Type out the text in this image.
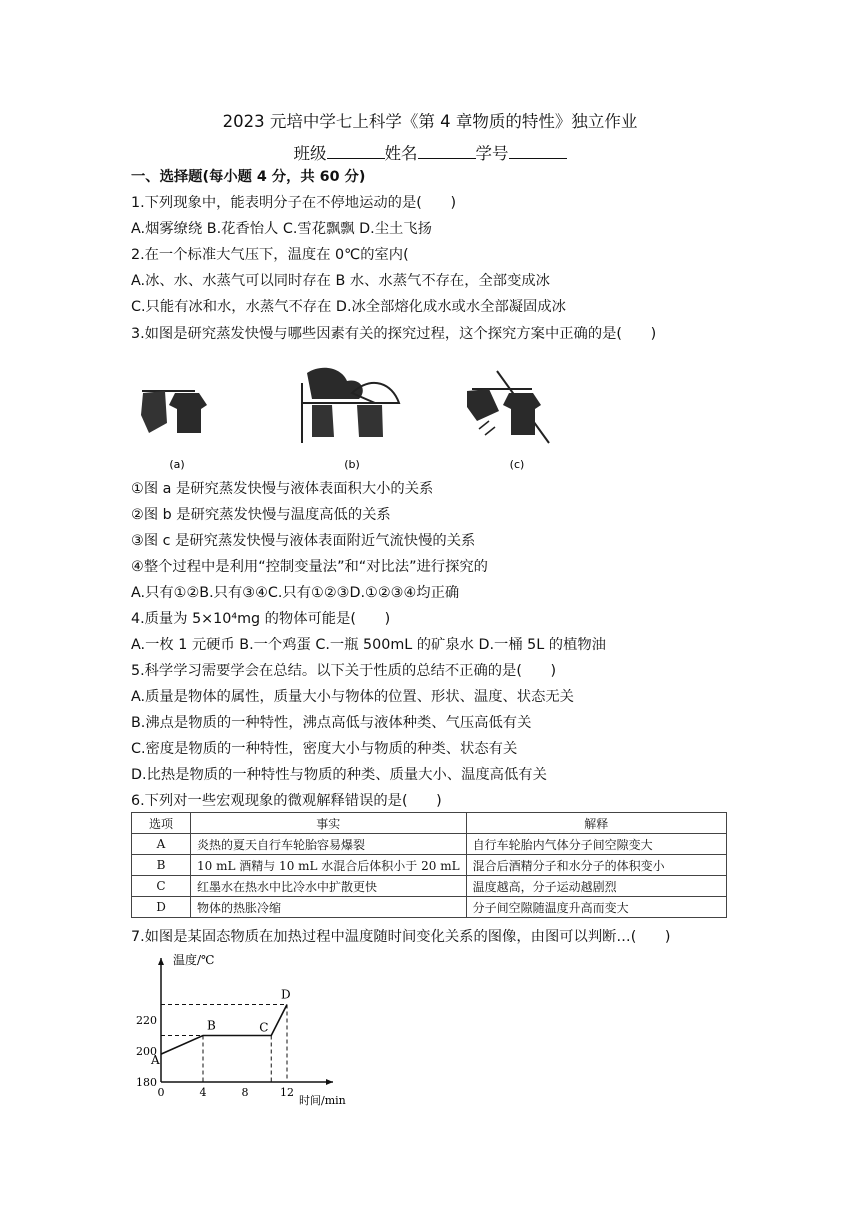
2023 元培中学七上科学《第 4 章物质的特性》独立作业
班级	姓名	学号
一、选择题(每小题 4 分，共 60 分)
1.下列现象中，能表明分子在不停地运动的是(　　)
A.烟雾缭绕 B.花香怡人 C.雪花飘飘 D.尘土飞扬
2.在一个标准大气压下，温度在 0℃的室内(
A.冰、水、水蒸气可以同时存在 B 水、水蒸气不存在，全部变成冰
C.只能有冰和水，水蒸气不存在 D.冰全部熔化成水或水全部凝固成冰
3.如图是研究蒸发快慢与哪些因素有关的探究过程，这个探究方案中正确的是(　　)
(a)	(b)	(c)
①图 a 是研究蒸发快慢与液体表面积大小的关系
②图 b 是研究蒸发快慢与温度高低的关系
③图 c 是研究蒸发快慢与液体表面附近气流快慢的关系
④整个过程中是利用“控制变量法”和“对比法”进行探究的
A.只有①②B.只有③④C.只有①②③D.①②③④均正确
4.质量为 5×10⁴mg 的物体可能是(　　)
A.一枚 1 元硬币 B.一个鸡蛋 C.一瓶 500mL 的矿泉水 D.一桶 5L 的植物油
5.科学学习需要学会在总结。以下关于性质的总结不正确的是(　　)
A.质量是物体的属性，质量大小与物体的位置、形状、温度、状态无关
B.沸点是物质的一种特性，沸点高低与液体种类、气压高低有关
C.密度是物质的一种特性，密度大小与物质的种类、状态有关
D.比热是物质的一种特性与物质的种类、质量大小、温度高低有关
6.下列对一些宏观现象的微观解释错误的是(　　)
选项	事实	解释
A	炎热的夏天自行车轮胎容易爆裂	自行车轮胎内气体分子间空隙变大
B	10 mL 酒精与 10 mL 水混合后体积小于 20 mL	混合后酒精分子和水分子的体积变小
C	红墨水在热水中比冷水中扩散更快	温度越高，分子运动越剧烈
D	物体的热胀冷缩	分子间空隙随温度升高而变大
7.如图是某固态物质在加热过程中温度随时间变化关系的图像，由图可以判断…(　　)
温度/℃
时间/min
0	4	8	12
180
200
220
A
B	C
D
